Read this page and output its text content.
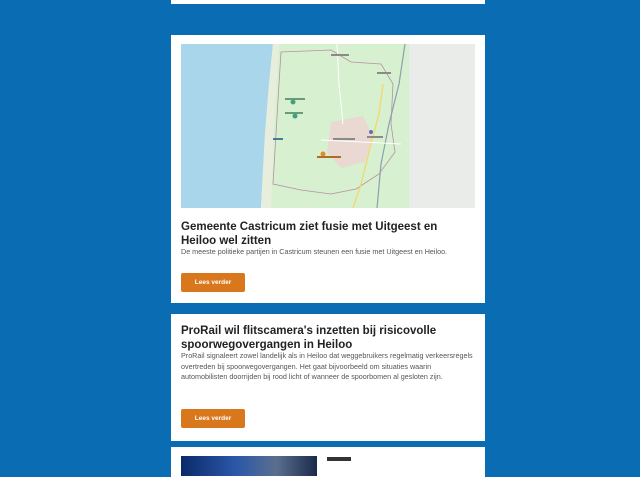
Gemeente Castricum ziet fusie met Uitgeest en Heiloo wel zitten

De meeste politieke partijen in Castricum steunen een fusie met Uitgeest en Heiloo.

Lees verder

ProRail wil flitscamera's inzetten bij risicovolle spoorwegovergangen in Heiloo

ProRail signaleert zowel landelijk als in Heiloo dat weggebruikers regelmatig verkeersregels overtreden bij spoorwegovergangen. Het gaat bijvoorbeeld om situaties waarin automobilisten doorrijden bij rood licht of wanneer de spoorbomen al gesloten zijn.

Lees verder
